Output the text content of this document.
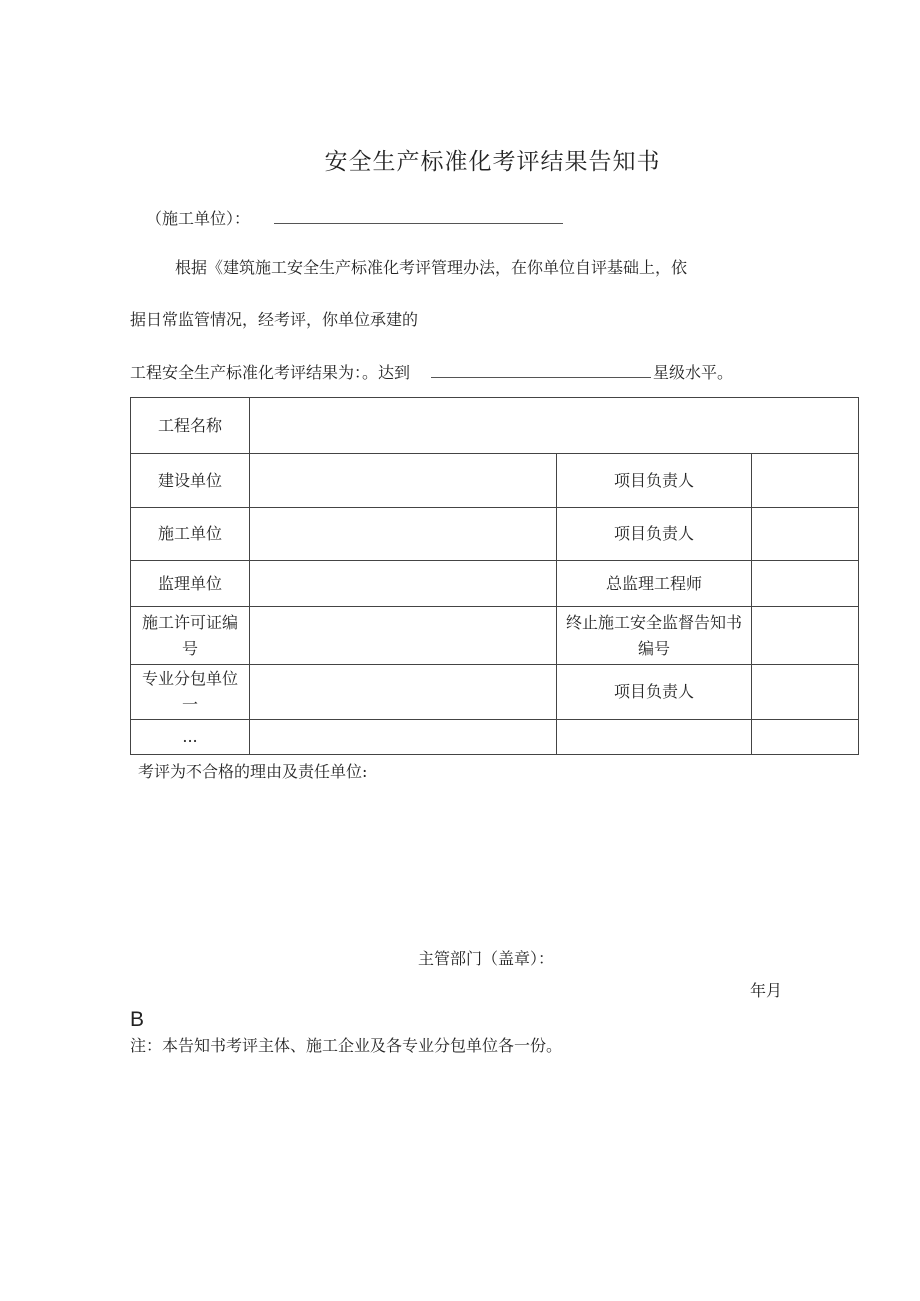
安全生产标准化考评结果告知书
（施工单位）：
根据《建筑施工安全生产标准化考评管理办法，在你单位自评基础上，依
据日常监管情况，经考评，你单位承建的
工程安全生产标准化考评结果为：。达到	星级水平。
工程名称			
建设单位		项目负责人	
施工单位		项目负责人	
监理单位		总监理工程师	
施工许可证编号		终止施工安全监督告知书编号	
专业分包单位一		项目负责人	
...			
考评为不合格的理由及责任单位:
主管部门（盖章）：
年月
B
注：本告知书考评主体、施工企业及各专业分包单位各一份。
